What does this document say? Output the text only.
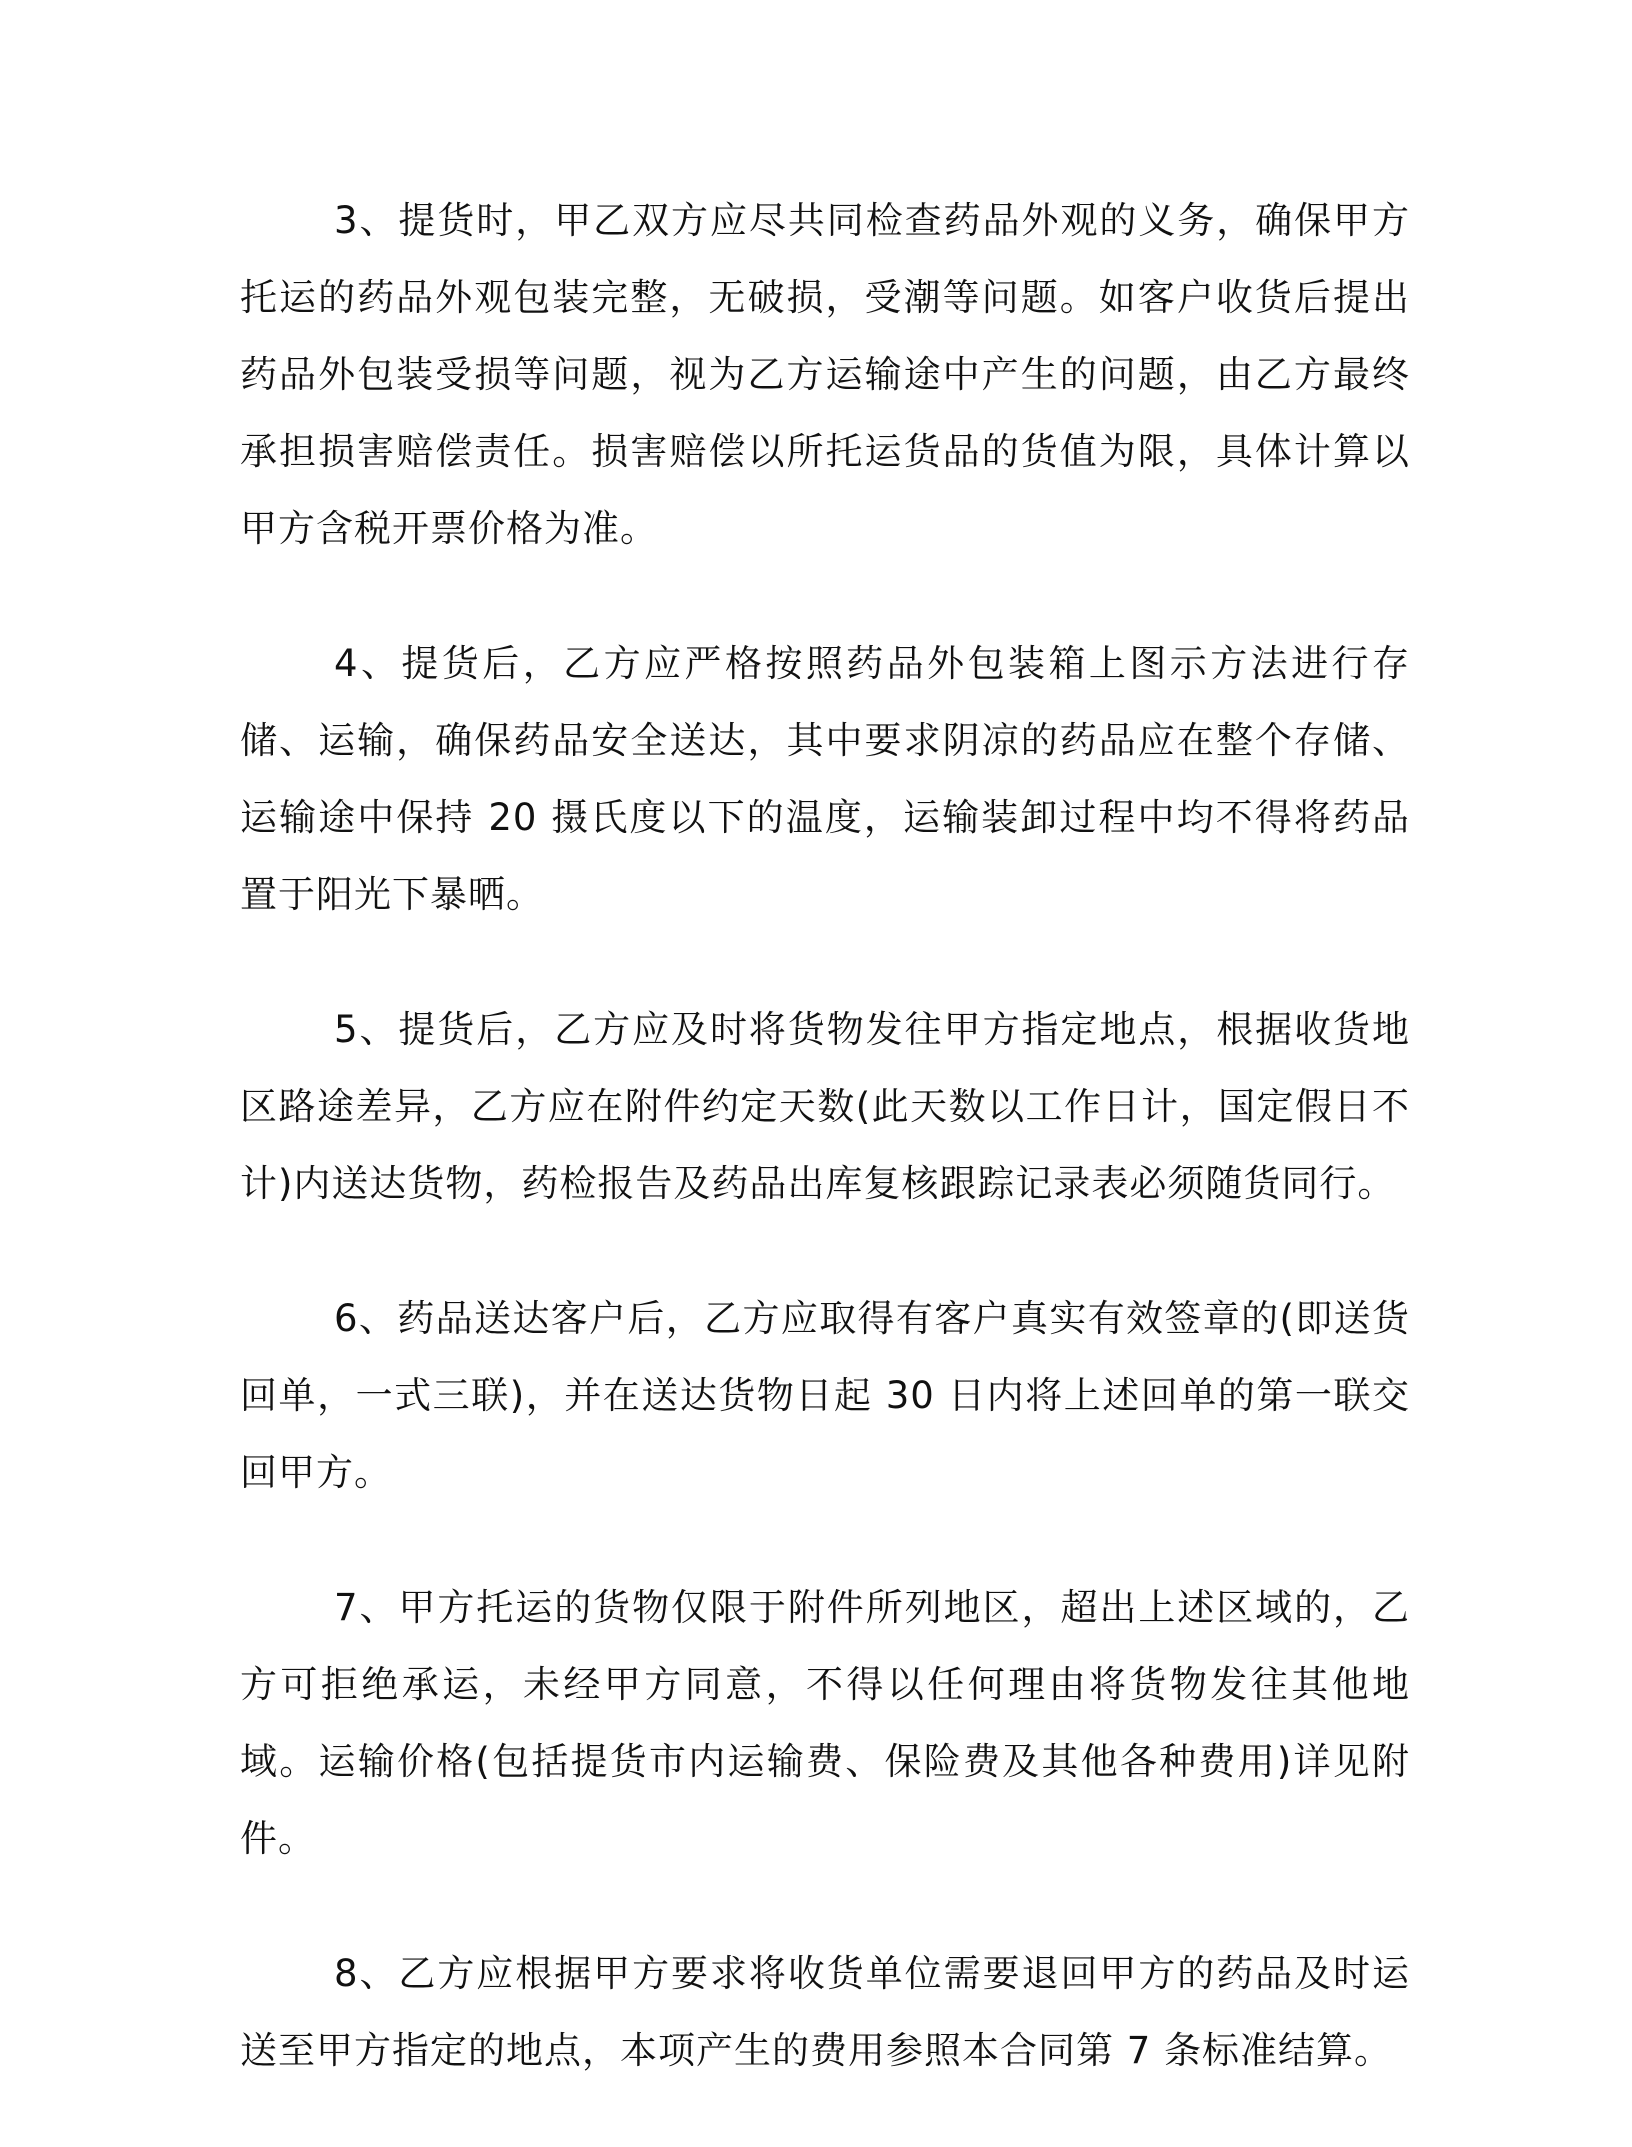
3、提货时，甲乙双方应尽共同检查药品外观的义务，确保甲方托运的药品外观包装完整，无破损，受潮等问题。如客户收货后提出药品外包装受损等问题，视为乙方运输途中产生的问题，由乙方最终承担损害赔偿责任。损害赔偿以所托运货品的货值为限，具体计算以甲方含税开票价格为准。

4、提货后，乙方应严格按照药品外包装箱上图示方法进行存储、运输，确保药品安全送达，其中要求阴凉的药品应在整个存储、运输途中保持 20 摄氏度以下的温度，运输装卸过程中均不得将药品置于阳光下暴晒。

5、提货后，乙方应及时将货物发往甲方指定地点，根据收货地区路途差异，乙方应在附件约定天数(此天数以工作日计，国定假日不计)内送达货物，药检报告及药品出库复核跟踪记录表必须随货同行。

6、药品送达客户后，乙方应取得有客户真实有效签章的(即送货回单，一式三联)，并在送达货物日起 30 日内将上述回单的第一联交回甲方。

7、甲方托运的货物仅限于附件所列地区，超出上述区域的，乙方可拒绝承运，未经甲方同意，不得以任何理由将货物发往其他地域。运输价格(包括提货市内运输费、保险费及其他各种费用)详见附件。

8、乙方应根据甲方要求将收货单位需要退回甲方的药品及时运送至甲方指定的地点，本项产生的费用参照本合同第 7 条标准结算。
